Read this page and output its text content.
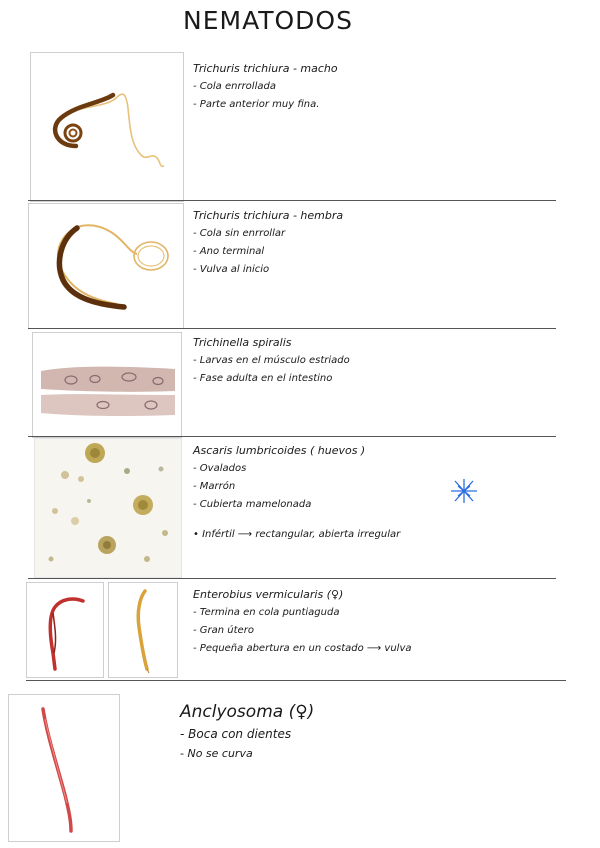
NEMATODOS
Trichuris trichiura - macho
- Cola enrrollada
- Parte anterior muy fina.
Trichuris trichiura - hembra
- Cola sin enrrollar
- Ano terminal
- Vulva al inicio
Trichinella spiralis
- Larvas en el músculo estriado
- Fase adulta en el intestino
Ascaris lumbricoides ( huevos )
- Ovalados
- Marrón
- Cubierta mamelonada
• Infértil ⟶ rectangular, abierta irregular
Enterobius vermicularis (♀)
- Termina en cola puntiaguda
- Gran útero
- Pequeña abertura en un costado ⟶ vulva
Anclyosoma (♀)
- Boca con dientes
- No se curva
